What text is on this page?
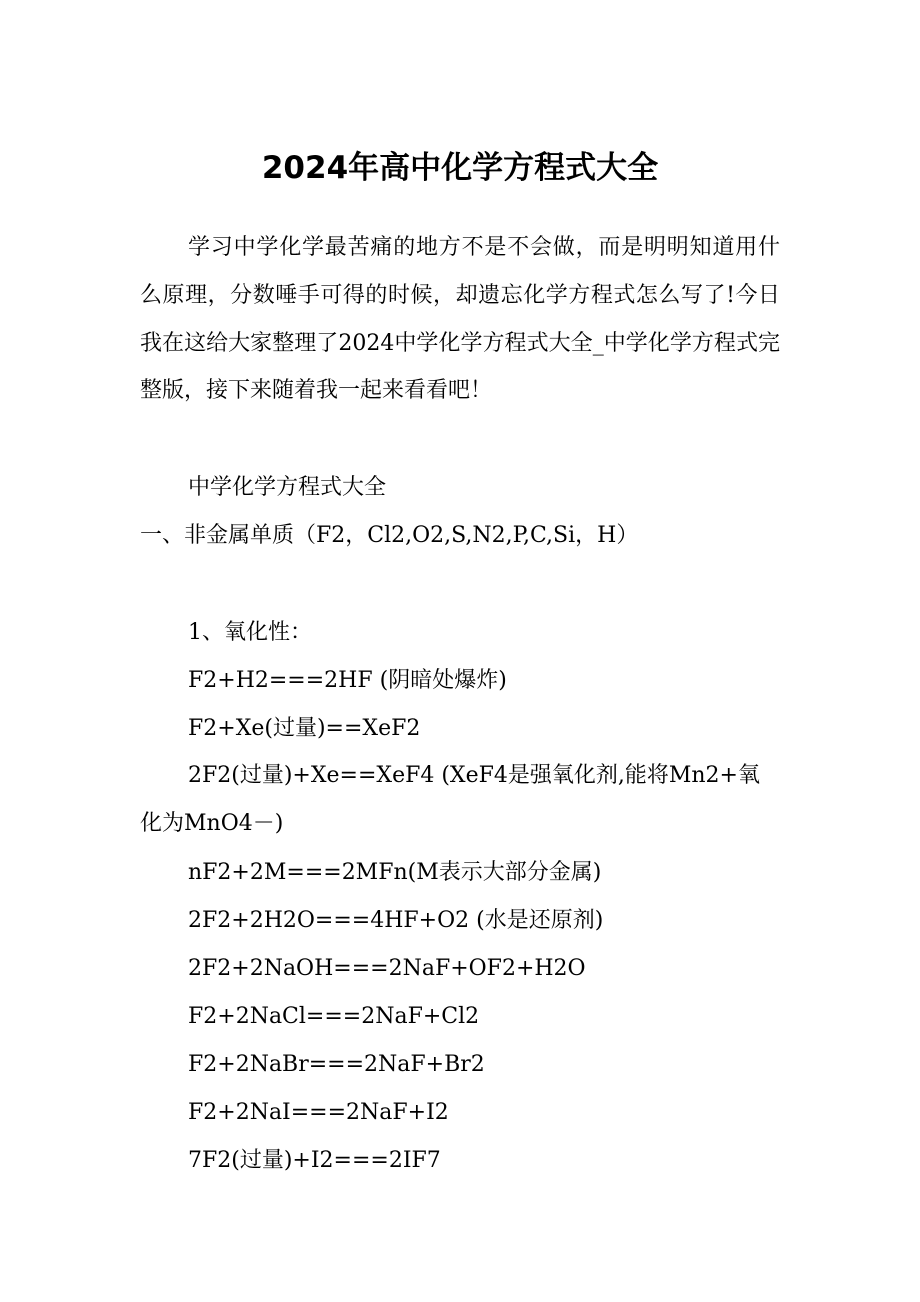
2024年高中化学方程式大全

学习中学化学最苦痛的地方不是不会做，而是明明知道用什么原理，分数唾手可得的时候，却遗忘化学方程式怎么写了!今日我在这给大家整理了2024中学化学方程式大全_中学化学方程式完整版，接下来随着我一起来看看吧！

中学化学方程式大全

一、非金属单质（F2，Cl2,O2,S,N2,P,C,Si，H）

1、氧化性：

F2+H2===2HF (阴暗处爆炸)

F2+Xe(过量)==XeF2

2F2(过量)+Xe==XeF4 (XeF4是强氧化剂,能将Mn2+氧化为MnO4－)

nF2+2M===2MFn(M表示大部分金属)

2F2+2H2O===4HF+O2 (水是还原剂)

2F2+2NaOH===2NaF+OF2+H2O

F2+2NaCl===2NaF+Cl2

F2+2NaBr===2NaF+Br2

F2+2NaI===2NaF+I2

7F2(过量)+I2===2IF7
